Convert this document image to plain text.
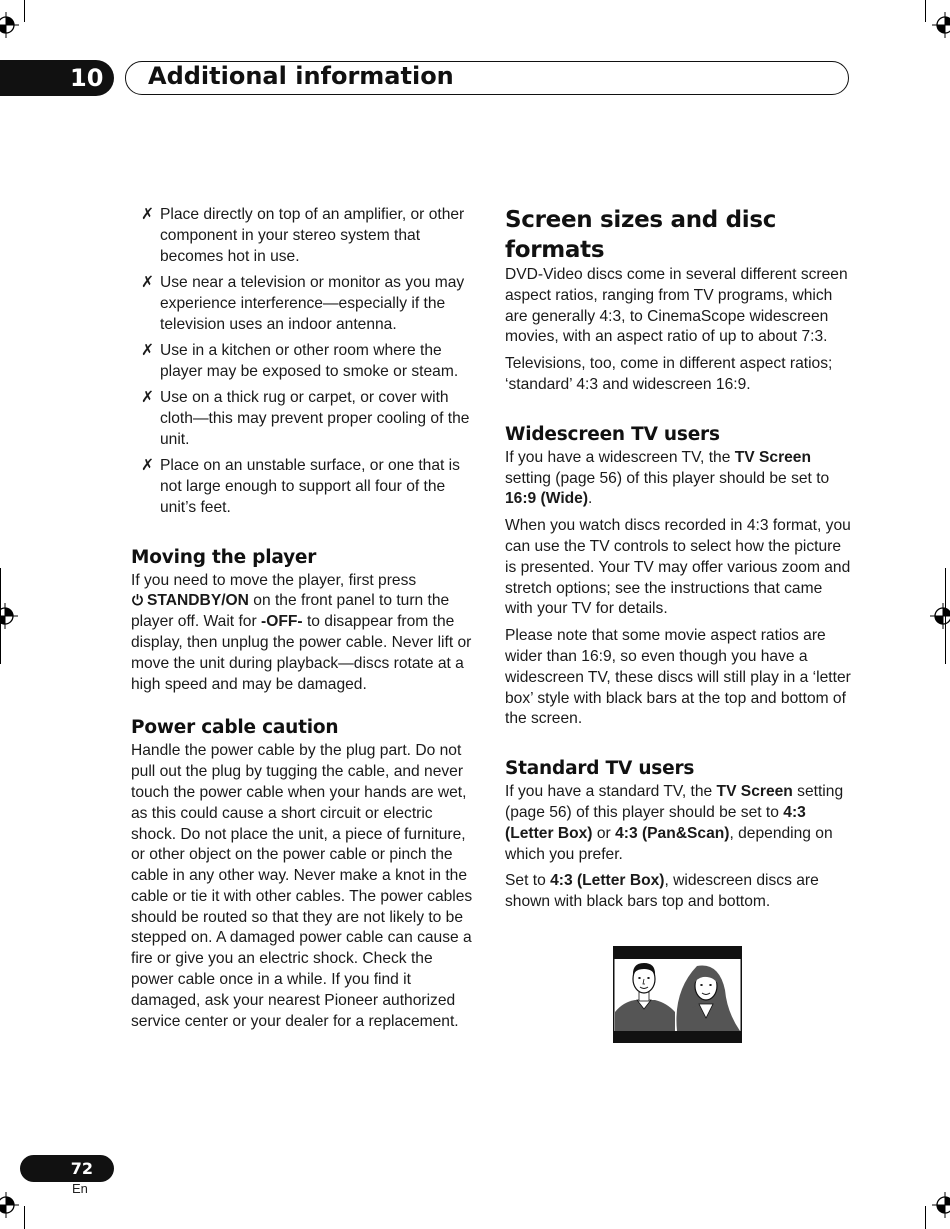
10	Additional information
✗ Place directly on top of an amplifier, or other component in your stereo system that becomes hot in use.
✗ Use near a television or monitor as you may experience interference—especially if the television uses an indoor antenna.
✗ Use in a kitchen or other room where the player may be exposed to smoke or steam.
✗ Use on a thick rug or carpet, or cover with cloth—this may prevent proper cooling of the unit.
✗ Place on an unstable surface, or one that is not large enough to support all four of the unit’s feet.
Moving the player

If you need to move the player, first press

STANDBY/ON on the front panel to turn the player off. Wait for -OFF- to disappear from the display, then unplug the power cable. Never lift or move the unit during playback—discs rotate at a high speed and may be damaged.

Power cable caution

Handle the power cable by the plug part. Do not pull out the plug by tugging the cable, and never touch the power cable when your hands are wet, as this could cause a short circuit or electric shock. Do not place the unit, a piece of furniture, or other object on the power cable or pinch the cable in any other way. Never make a knot in the cable or tie it with other cables. The power cables should be routed so that they are not likely to be stepped on. A damaged power cable can cause a fire or give you an electric shock. Check the power cable once in a while. If you find it damaged, ask your nearest Pioneer authorized service center or your dealer for a replacement.

Screen sizes and disc formats

DVD-Video discs come in several different screen aspect ratios, ranging from TV programs, which are generally 4:3, to CinemaScope widescreen movies, with an aspect ratio of up to about 7:3.

Televisions, too, come in different aspect ratios; ‘standard’ 4:3 and widescreen 16:9.

Widescreen TV users

If you have a widescreen TV, the TV Screen setting (page 56) of this player should be set to 16:9 (Wide).

When you watch discs recorded in 4:3 format, you can use the TV controls to select how the picture is presented. Your TV may offer various zoom and stretch options; see the instructions that came with your TV for details.

Please note that some movie aspect ratios are wider than 16:9, so even though you have a widescreen TV, these discs will still play in a ‘letter box’ style with black bars at the top and bottom of the screen.

Standard TV users

If you have a standard TV, the TV Screen setting (page 56) of this player should be set to 4:3 (Letter Box) or 4:3 (Pan&Scan), depending on which you prefer.

Set to 4:3 (Letter Box), widescreen discs are shown with black bars top and bottom.

72
En
